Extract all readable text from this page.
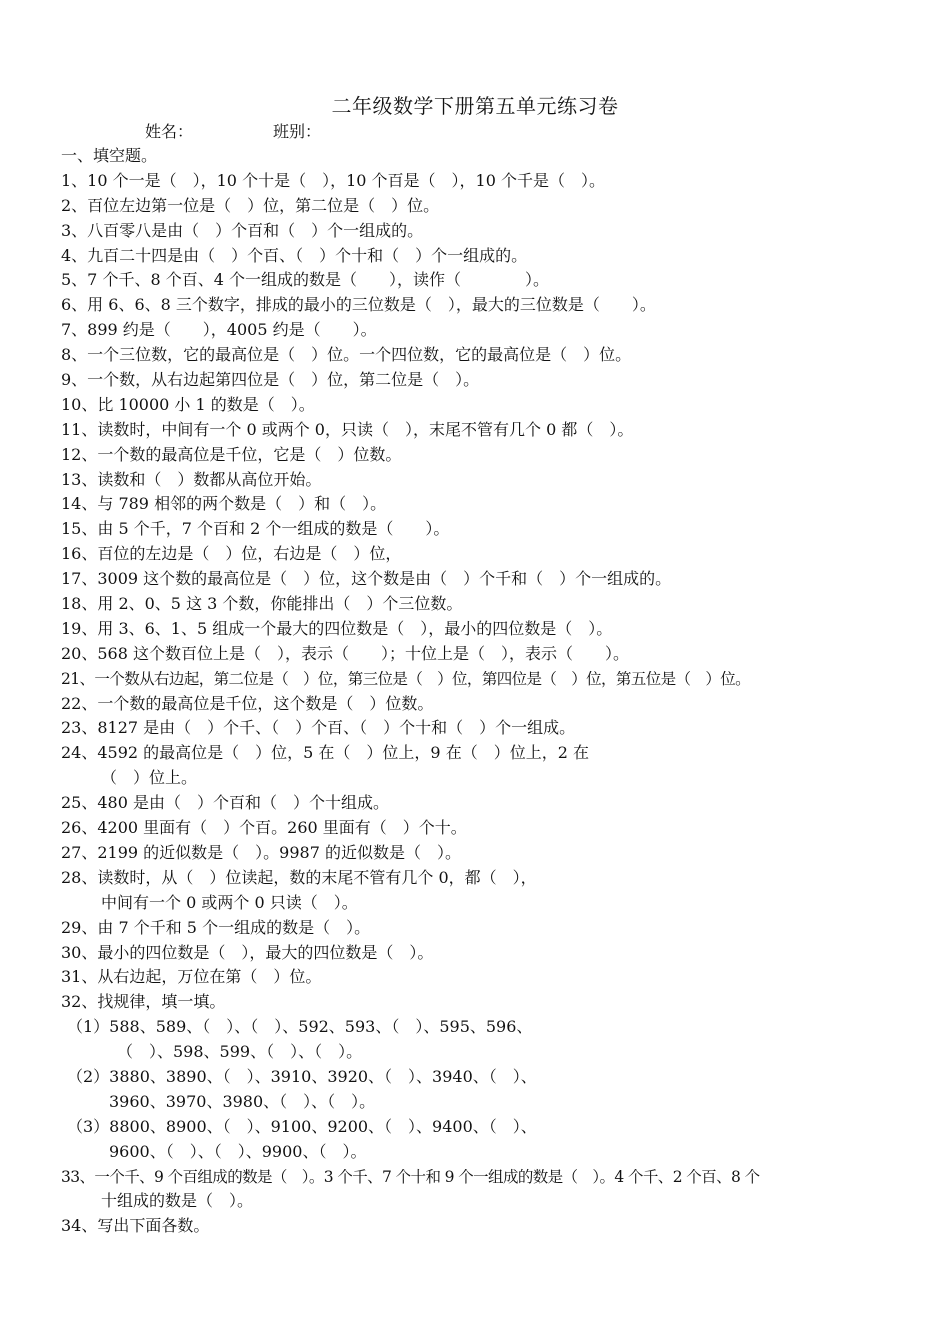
二年级数学下册第五单元练习卷
姓名：	班别：
一、填空题。
1、10 个一是（　），10 个十是（　），10 个百是（　），10 个千是（　）。
2、百位左边第一位是（　）位，第二位是（　）位。
3、八百零八是由（　）个百和（　）个一组成的。
4、九百二十四是由（　）个百、（　）个十和（　）个一组成的。
5、7 个千、8 个百、4 个一组成的数是（　　），读作（　　　　）。
6、用 6、6、8 三个数字，排成的最小的三位数是（　），最大的三位数是（　　）。
7、899 约是（　　），4005 约是（　　）。
8、一个三位数，它的最高位是（　）位。一个四位数，它的最高位是（　）位。
9、一个数，从右边起第四位是（　）位，第二位是（　）。
10、比 10000 小 1 的数是（　）。
11、读数时，中间有一个 0 或两个 0，只读（　），末尾不管有几个 0 都（　）。
12、一个数的最高位是千位，它是（　）位数。
13、读数和（　）数都从高位开始。
14、与 789 相邻的两个数是（　）和（　）。
15、由 5 个千，7 个百和 2 个一组成的数是（　　）。
16、百位的左边是（　）位，右边是（　）位，
17、3009 这个数的最高位是（　）位，这个数是由（　）个千和（　）个一组成的。
18、用 2、0、5 这 3 个数，你能排出（　）个三位数。
19、用 3、6、1、5 组成一个最大的四位数是（　），最小的四位数是（　）。
20、568 这个数百位上是（　），表示（　　）；十位上是（　），表示（　　）。
21、一个数从右边起，第二位是（　）位，第三位是（　）位，第四位是（　）位，第五位是（　）位。
22、一个数的最高位是千位，这个数是（　）位数。
23、8127 是由（　）个千、（　）个百、（　）个十和（　）个一组成。
24、4592 的最高位是（　）位，5 在（　）位上，9 在（　）位上，2 在
（　）位上。
25、480 是由（　）个百和（　）个十组成。
26、4200 里面有（　）个百。260 里面有（　）个十。
27、2199 的近似数是（　）。9987 的近似数是（　）。
28、读数时，从（　）位读起，数的末尾不管有几个 0，都（　），
中间有一个 0 或两个 0 只读（　）。
29、由 7 个千和 5 个一组成的数是（　）。
30、最小的四位数是（　），最大的四位数是（　）。
31、从右边起，万位在第（　）位。
32、找规律，填一填。
（1）588、589、（　）、（　）、592、593、（　）、595、596、
（　）、598、599、（　）、（　）。
（2）3880、3890、（　）、3910、3920、（　）、3940、（　）、
3960、3970、3980、（　）、（　）。
（3）8800、8900、（　）、9100、9200、（　）、9400、（　）、
9600、（　）、（　）、9900、（　）。
33、一个千、9 个百组成的数是（　）。3 个千、7 个十和 9 个一组成的数是（　）。4 个千、2 个百、8 个
十组成的数是（　）。
34、写出下面各数。
